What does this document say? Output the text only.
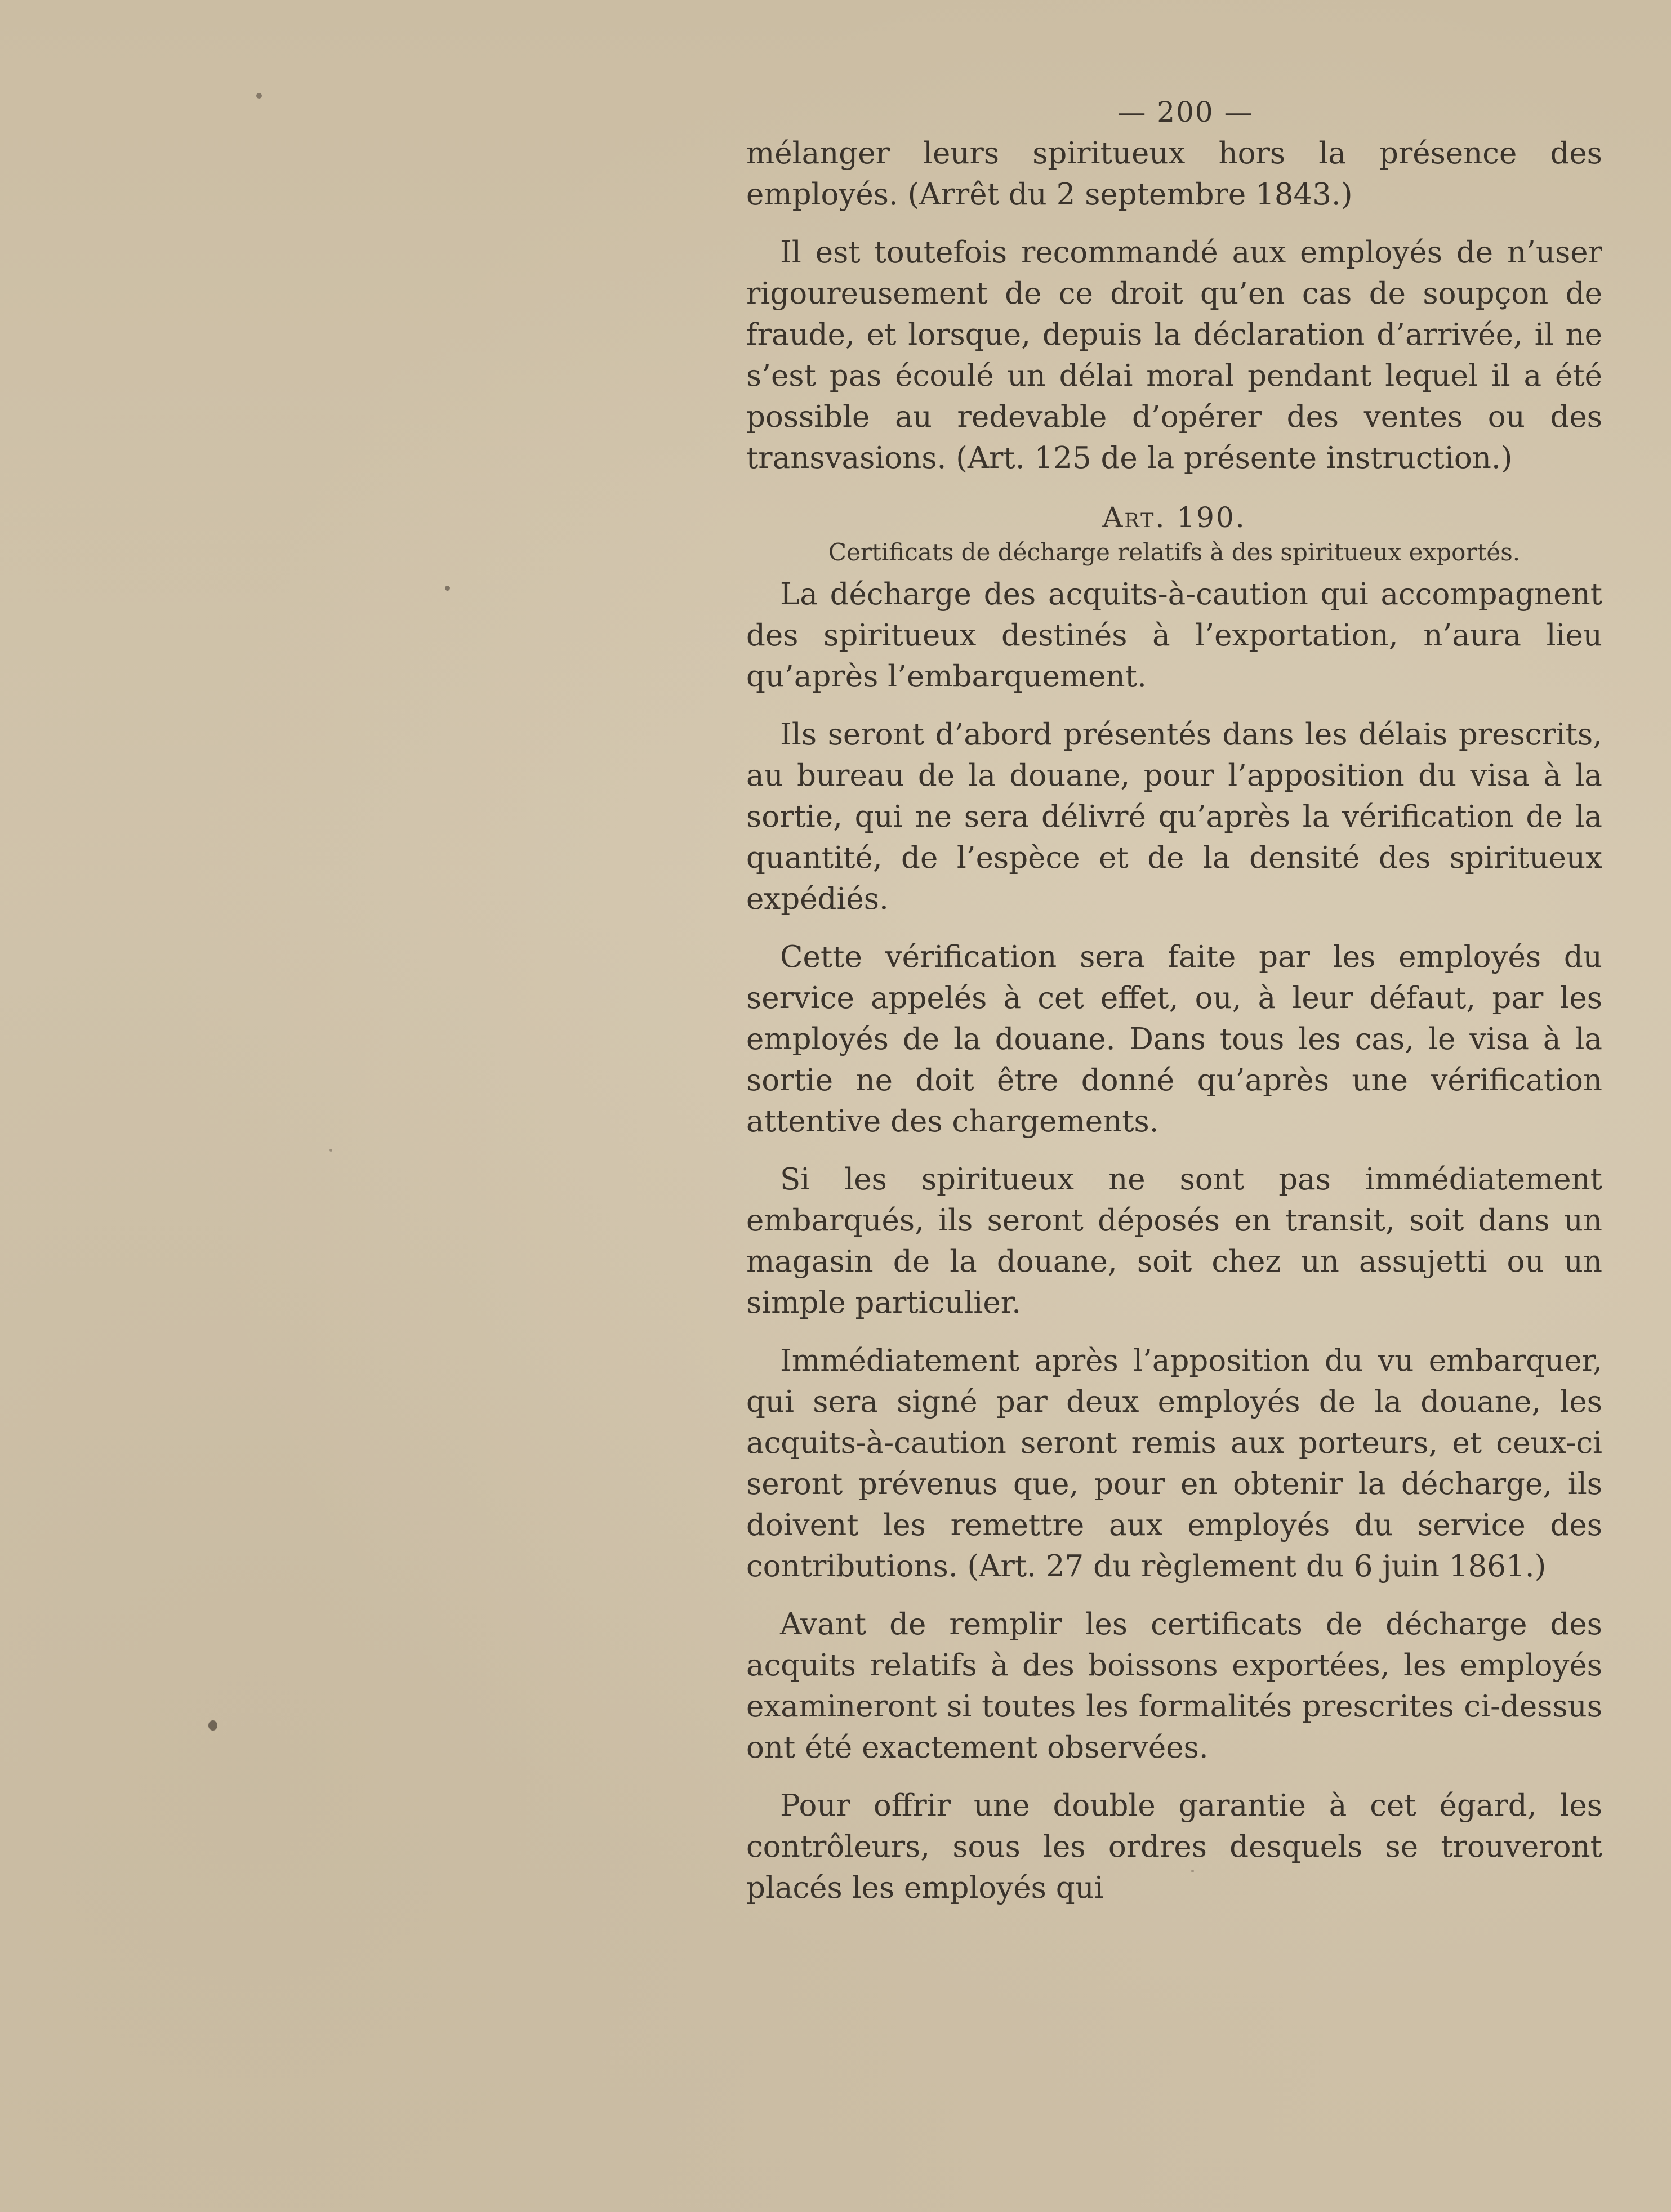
— 200 —

mélanger leurs spiritueux hors la présence des employés. (Arrêt du 2 septembre 1843.)

Il est toutefois recommandé aux employés de n’user rigoureusement de ce droit qu’en cas de soupçon de fraude, et lorsque, depuis la déclaration d’arrivée, il ne s’est pas écoulé un délai moral pendant lequel il a été possible au redevable d’opérer des ventes ou des transvasions. (Art. 125 de la présente instruction.)

Art. 190.
Certificats de décharge relatifs à des spiritueux exportés.

La décharge des acquits-à-caution qui accompagnent des spiritueux destinés à l’exportation, n’aura lieu qu’après l’embarquement.

Ils seront d’abord présentés dans les délais prescrits, au bureau de la douane, pour l’apposition du visa à la sortie, qui ne sera délivré qu’après la vérification de la quantité, de l’espèce et de la densité des spiritueux expédiés.

Cette vérification sera faite par les employés du service appelés à cet effet, ou, à leur défaut, par les employés de la douane. Dans tous les cas, le visa à la sortie ne doit être donné qu’après une vérification attentive des chargements.

Si les spiritueux ne sont pas immédiatement embarqués, ils seront déposés en transit, soit dans un magasin de la douane, soit chez un assujetti ou un simple particulier.

Immédiatement après l’apposition du vu embarquer, qui sera signé par deux employés de la douane, les acquits-à-caution seront remis aux porteurs, et ceux-ci seront prévenus que, pour en obtenir la décharge, ils doivent les remettre aux employés du service des contributions. (Art. 27 du règlement du 6 juin 1861.)

Avant de remplir les certificats de décharge des acquits relatifs à des boissons exportées, les employés examineront si toutes les formalités prescrites ci-dessus ont été exactement observées.

Pour offrir une double garantie à cet égard, les contrôleurs, sous les ordres desquels se trouveront placés les employés qui
